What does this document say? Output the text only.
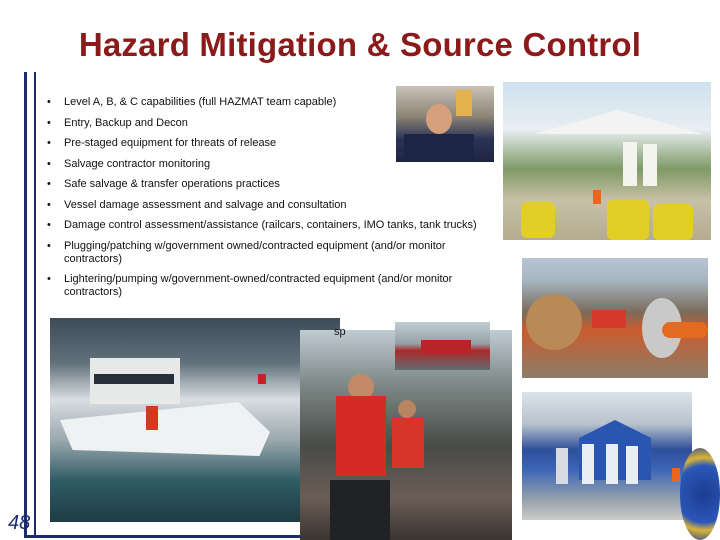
Hazard Mitigation & Source Control
• Level A, B, & C capabilities (full HAZMAT team capable)
• Entry, Backup and Decon
• Pre-staged equipment for threats of release
• Salvage contractor monitoring
• Safe salvage & transfer operations practices
• Vessel damage assessment and salvage and consultation
• Damage control assessment/assistance (railcars, containers, IMO tanks, tank trucks)
• Plugging/patching w/government owned/contracted equipment (and/or monitor contractors)
• Lightering/pumping w/government-owned/contracted equipment (and/or monitor contractors)
sp
48
